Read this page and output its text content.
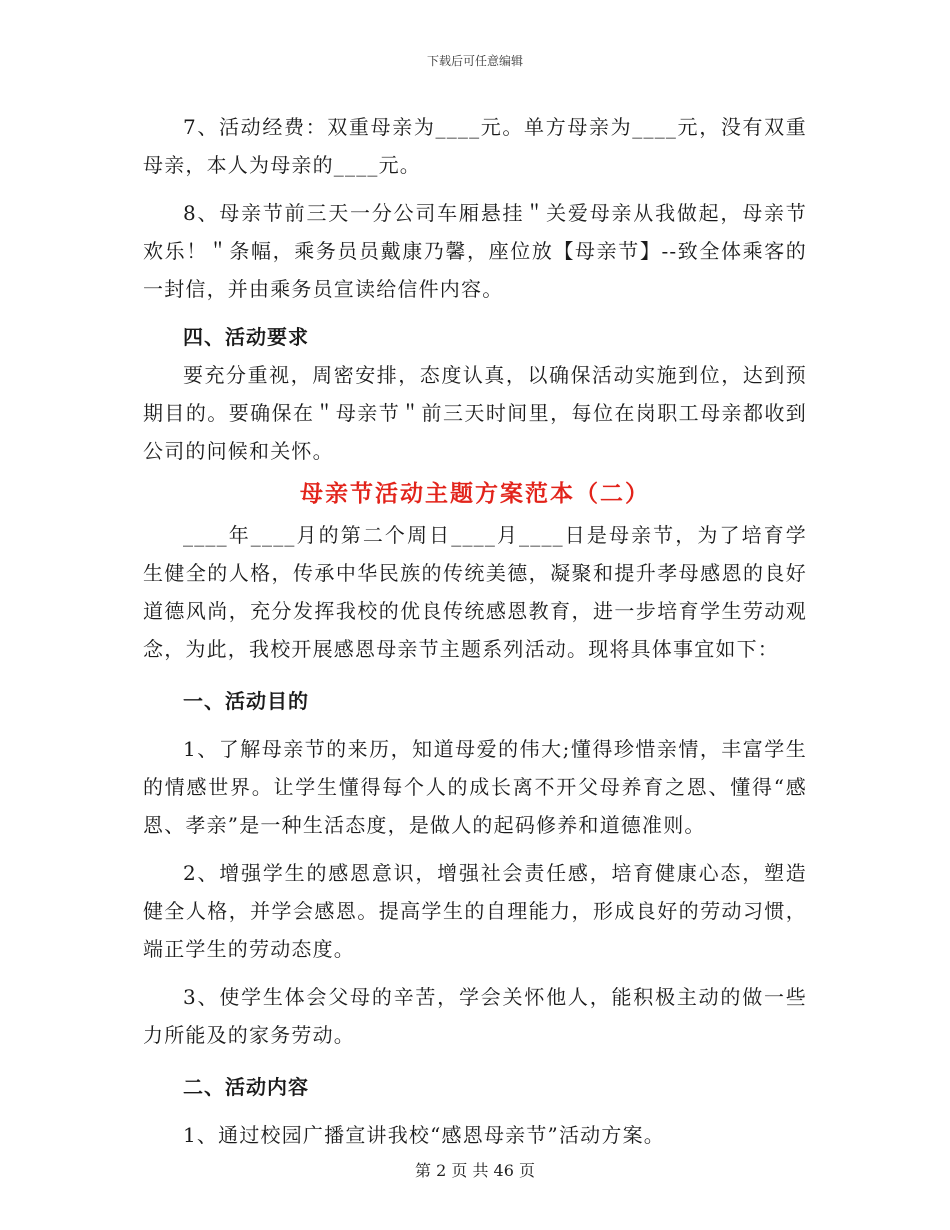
下载后可任意编辑

7、活动经费：双重母亲为____元。单方母亲为____元，没有双重母亲，本人为母亲的____元。

8、母亲节前三天一分公司车厢悬挂＂关爱母亲从我做起，母亲节欢乐！＂条幅，乘务员员戴康乃馨，座位放【母亲节】--致全体乘客的一封信，并由乘务员宣读给信件内容。

四、活动要求

要充分重视，周密安排，态度认真，以确保活动实施到位，达到预期目的。要确保在＂母亲节＂前三天时间里，每位在岗职工母亲都收到公司的问候和关怀。

母亲节活动主题方案范本（二）

____年____月的第二个周日____月____日是母亲节，为了培育学生健全的人格，传承中华民族的传统美德，凝聚和提升孝母感恩的良好道德风尚，充分发挥我校的优良传统感恩教育，进一步培育学生劳动观念，为此，我校开展感恩母亲节主题系列活动。现将具体事宜如下：

一、活动目的

1、了解母亲节的来历，知道母爱的伟大;懂得珍惜亲情，丰富学生的情感世界。让学生懂得每个人的成长离不开父母养育之恩、懂得“感恩、孝亲”是一种生活态度，是做人的起码修养和道德准则。

2、增强学生的感恩意识，增强社会责任感，培育健康心态，塑造健全人格，并学会感恩。提高学生的自理能力，形成良好的劳动习惯，端正学生的劳动态度。

3、使学生体会父母的辛苦，学会关怀他人，能积极主动的做一些力所能及的家务劳动。

二、活动内容

1、通过校园广播宣讲我校“感恩母亲节”活动方案。

第 2 页 共 46 页
